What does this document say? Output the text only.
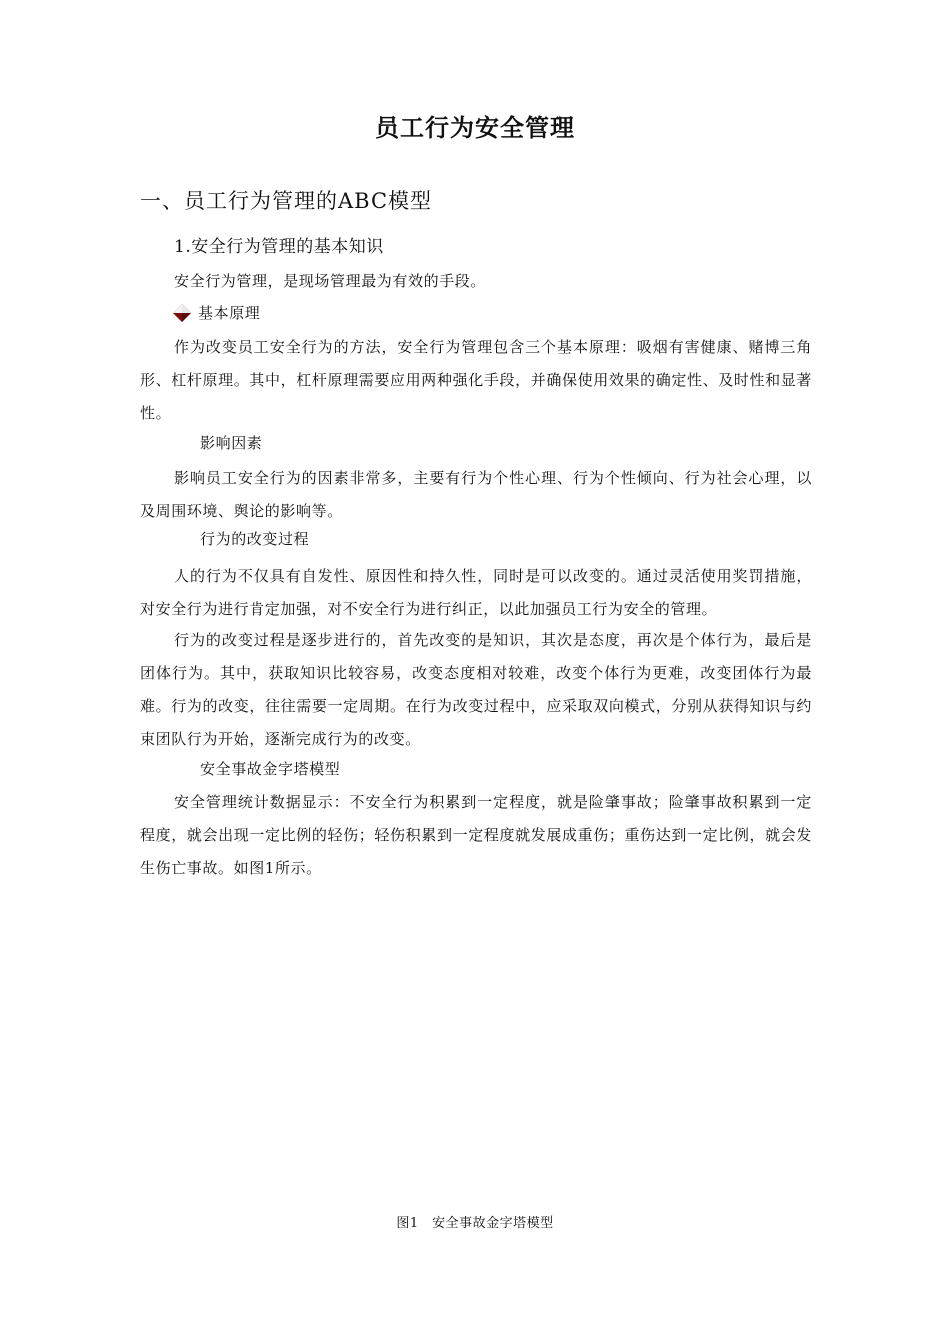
员工行为安全管理
一、员工行为管理的ABC模型
1.安全行为管理的基本知识

安全行为管理，是现场管理最为有效的手段。

基本原理

作为改变员工安全行为的方法，安全行为管理包含三个基本原理：吸烟有害健康、赌博三角形、杠杆原理。其中，杠杆原理需要应用两种强化手段，并确保使用效果的确定性、及时性和显著性。

影响因素

影响员工安全行为的因素非常多，主要有行为个性心理、行为个性倾向、行为社会心理，以及周围环境、舆论的影响等。

行为的改变过程

人的行为不仅具有自发性、原因性和持久性，同时是可以改变的。通过灵活使用奖罚措施，对安全行为进行肯定加强，对不安全行为进行纠正，以此加强员工行为安全的管理。

行为的改变过程是逐步进行的，首先改变的是知识，其次是态度，再次是个体行为，最后是团体行为。其中，获取知识比较容易，改变态度相对较难，改变个体行为更难，改变团体行为最难。行为的改变，往往需要一定周期。在行为改变过程中，应采取双向模式，分别从获得知识与约束团队行为开始，逐渐完成行为的改变。

安全事故金字塔模型

安全管理统计数据显示：不安全行为积累到一定程度，就是险肇事故；险肇事故积累到一定程度，就会出现一定比例的轻伤；轻伤积累到一定程度就发展成重伤；重伤达到一定比例，就会发生伤亡事故。如图1所示。

图1　安全事故金字塔模型
